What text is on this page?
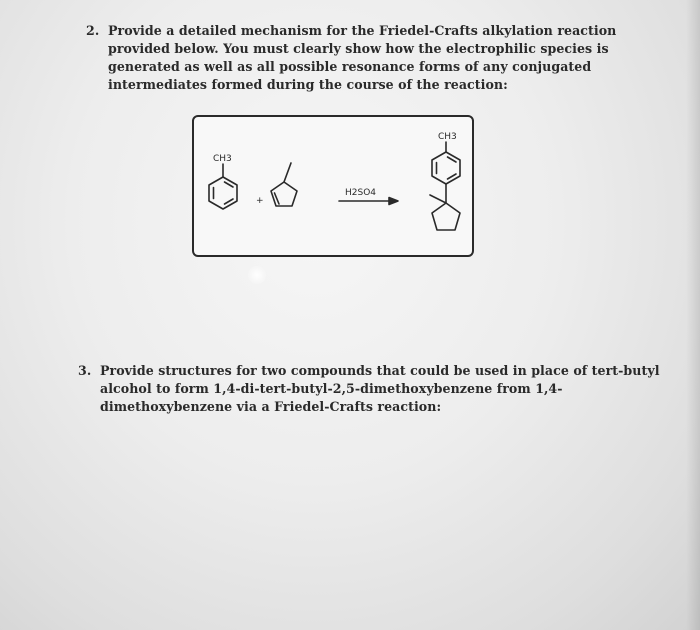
2. Provide a detailed mechanism for the Friedel-Crafts alkylation reaction
provided below. You must clearly show how the electrophilic species is
generated as well as all possible resonance forms of any conjugated
intermediates formed during the course of the reaction:
CH3
+
H2SO4
CH3
3. Provide structures for two compounds that could be used in place of tert-butyl
alcohol to form 1,4-di-tert-butyl-2,5-dimethoxybenzene from 1,4-
dimethoxybenzene via a Friedel-Crafts reaction:
